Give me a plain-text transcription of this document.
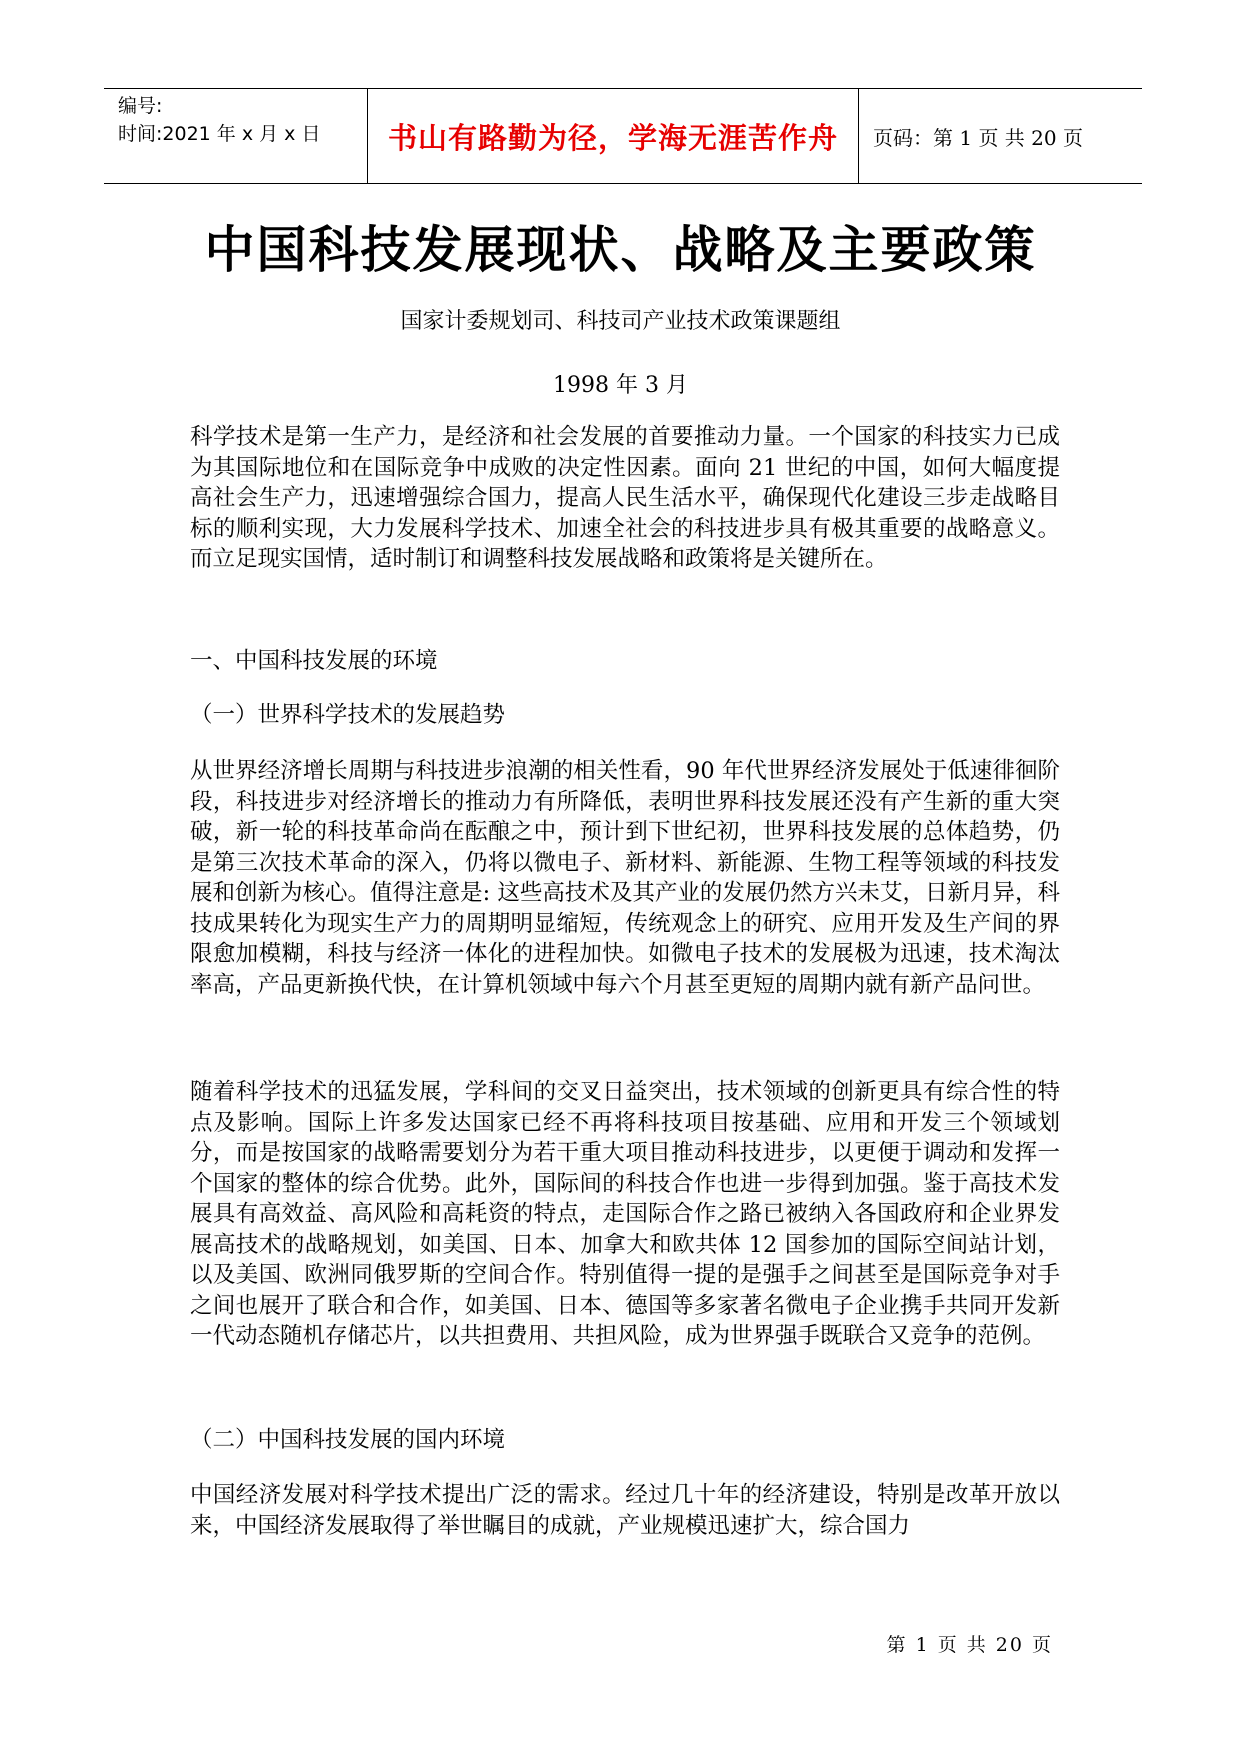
编号:
时间:2021 年 x 月 x 日	书山有路勤为径，学海无涯苦作舟	页码：第 1 页 共 20 页
中国科技发展现状、战略及主要政策
国家计委规划司、科技司产业技术政策课题组
1998 年 3 月

科学技术是第一生产力，是经济和社会发展的首要推动力量。一个国家的科技实力已成为其国际地位和在国际竞争中成败的决定性因素。面向 21 世纪的中国，如何大幅度提高社会生产力，迅速增强综合国力，提高人民生活水平，确保现代化建设三步走战略目标的顺利实现，大力发展科学技术、加速全社会的科技进步具有极其重要的战略意义。而立足现实国情，适时制订和调整科技发展战略和政策将是关键所在。

一、中国科技发展的环境

（一）世界科学技术的发展趋势

从世界经济增长周期与科技进步浪潮的相关性看，90 年代世界经济发展处于低速徘徊阶段，科技进步对经济增长的推动力有所降低，表明世界科技发展还没有产生新的重大突破，新一轮的科技革命尚在酝酿之中，预计到下世纪初，世界科技发展的总体趋势，仍是第三次技术革命的深入，仍将以微电子、新材料、新能源、生物工程等领域的科技发展和创新为核心。值得注意是: 这些高技术及其产业的发展仍然方兴未艾，日新月异，科技成果转化为现实生产力的周期明显缩短，传统观念上的研究、应用开发及生产间的界限愈加模糊，科技与经济一体化的进程加快。如微电子技术的发展极为迅速，技术淘汰率高，产品更新换代快，在计算机领域中每六个月甚至更短的周期内就有新产品问世。

随着科学技术的迅猛发展，学科间的交叉日益突出，技术领域的创新更具有综合性的特点及影响。国际上许多发达国家已经不再将科技项目按基础、应用和开发三个领域划分，而是按国家的战略需要划分为若干重大项目推动科技进步，以更便于调动和发挥一个国家的整体的综合优势。此外，国际间的科技合作也进一步得到加强。鉴于高技术发展具有高效益、高风险和高耗资的特点，走国际合作之路已被纳入各国政府和企业界发展高技术的战略规划，如美国、日本、加拿大和欧共体 12 国参加的国际空间站计划，以及美国、欧洲同俄罗斯的空间合作。特别值得一提的是强手之间甚至是国际竞争对手之间也展开了联合和合作，如美国、日本、德国等多家著名微电子企业携手共同开发新一代动态随机存储芯片，以共担费用、共担风险，成为世界强手既联合又竞争的范例。

（二）中国科技发展的国内环境

中国经济发展对科学技术提出广泛的需求。经过几十年的经济建设，特别是改革开放以来，中国经济发展取得了举世瞩目的成就，产业规模迅速扩大，综合国力

第 1 页 共 20 页
